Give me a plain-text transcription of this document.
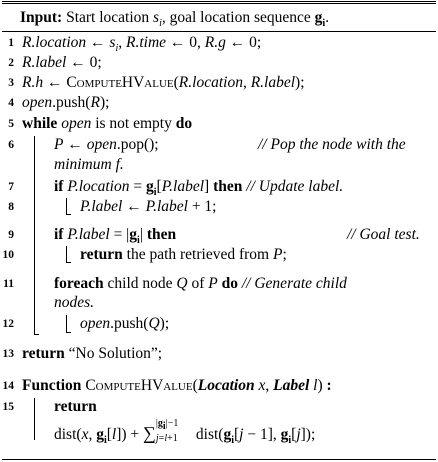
Input: Start location $s_i$, goal location sequence $g_i$.
1 R.location ← $s_i$, R.time ← 0, R.g ← 0;
2 R.label ← 0;
3 R.h ← ComputeHValue(R.location, R.label);
4 open.push(R);
5 while open is not empty do
6	P ← open.pop();	// Pop the node with the
minimum f.
7	if P.location = $g_i[P.label]$ then // Update label.
8	P.label ← P.label + 1;
9	if P.label = $|g_i|$ then	// Goal test.
10	return the path retrieved from P;
11	foreach child node Q of P do // Generate child
nodes.
12	open.push(Q);
13 return “No Solution”;
14 Function ComputeHValue(Location x, Label l) :
15	return
dist(x, $g_i[l]$) + ∑ $|g_i|-1$
j=l+1 $dist(g_i[j - 1]$, $g_i[j]$);
